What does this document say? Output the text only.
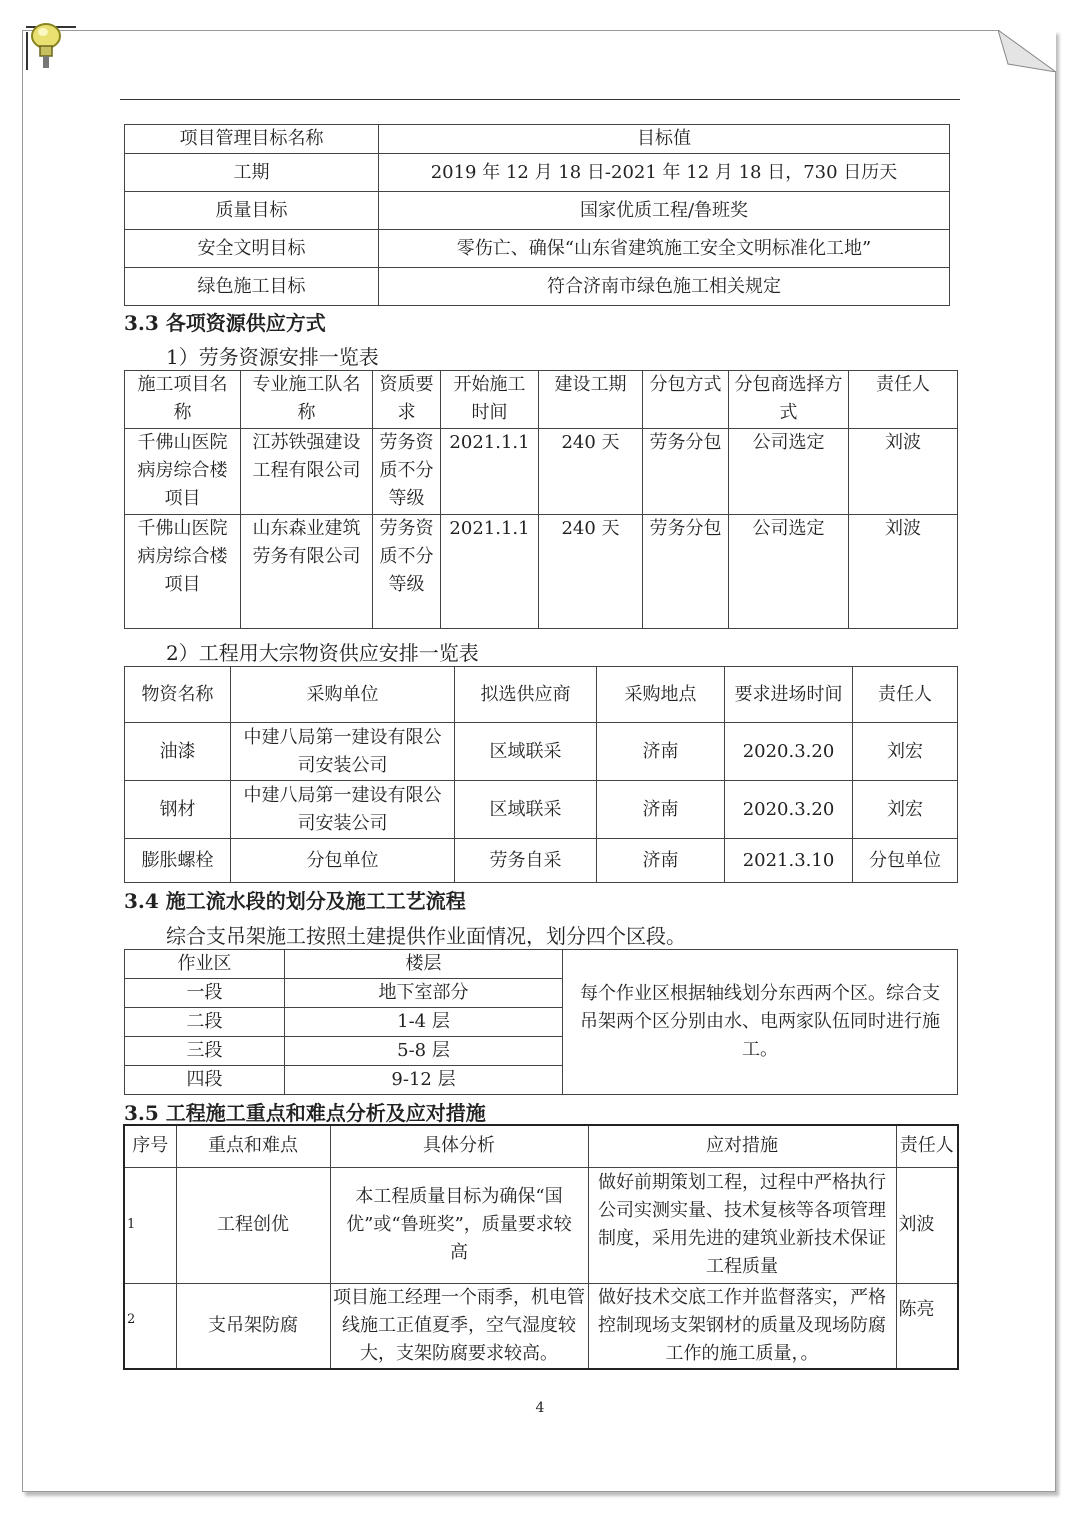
项目管理目标名称	目标值
工期	2019 年 12 月 18 日-2021 年 12 月 18 日，730 日历天
质量目标	国家优质工程/鲁班奖
安全文明目标	零伤亡、确保“山东省建筑施工安全文明标准化工地”
绿色施工目标	符合济南市绿色施工相关规定
3.3 各项资源供应方式
1）劳务资源安排一览表
施工项目名称	专业施工队名称	资质要求	开始施工时间	建设工期	分包方式	分包商选择方式	责任人
千佛山医院病房综合楼项目	江苏铁强建设工程有限公司	劳务资质不分等级	2021.1.1	240 天	劳务分包	公司选定	刘波
千佛山医院病房综合楼项目	山东森业建筑劳务有限公司	劳务资质不分等级	2021.1.1	240 天	劳务分包	公司选定	刘波
2）工程用大宗物资供应安排一览表
物资名称	采购单位	拟选供应商	采购地点	要求进场时间	责任人
油漆	中建八局第一建设有限公司安装公司	区域联采	济南	2020.3.20	刘宏
钢材	中建八局第一建设有限公司安装公司	区域联采	济南	2020.3.20	刘宏
膨胀螺栓	分包单位	劳务自采	济南	2021.3.10	分包单位
3.4 施工流水段的划分及施工工艺流程
综合支吊架施工按照土建提供作业面情况，划分四个区段。
作业区	楼层	每个作业区根据轴线划分东西两个区。综合支吊架两个区分别由水、电两家队伍同时进行施工。
一段	地下室部分	
二段	1-4 层	
三段	5-8 层	
四段	9-12 层	
3.5 工程施工重点和难点分析及应对措施
序号	重点和难点	具体分析	应对措施	责任人
1	工程创优	本工程质量目标为确保“国优”或“鲁班奖”，质量要求较高	做好前期策划工程，过程中严格执行公司实测实量、技术复核等各项管理制度，采用先进的建筑业新技术保证工程质量	刘波
2	支吊架防腐	项目施工经理一个雨季，机电管线施工正值夏季，空气湿度较大，支架防腐要求较高。	做好技术交底工作并监督落实，严格控制现场支架钢材的质量及现场防腐工作的施工质量，。	陈亮
4
